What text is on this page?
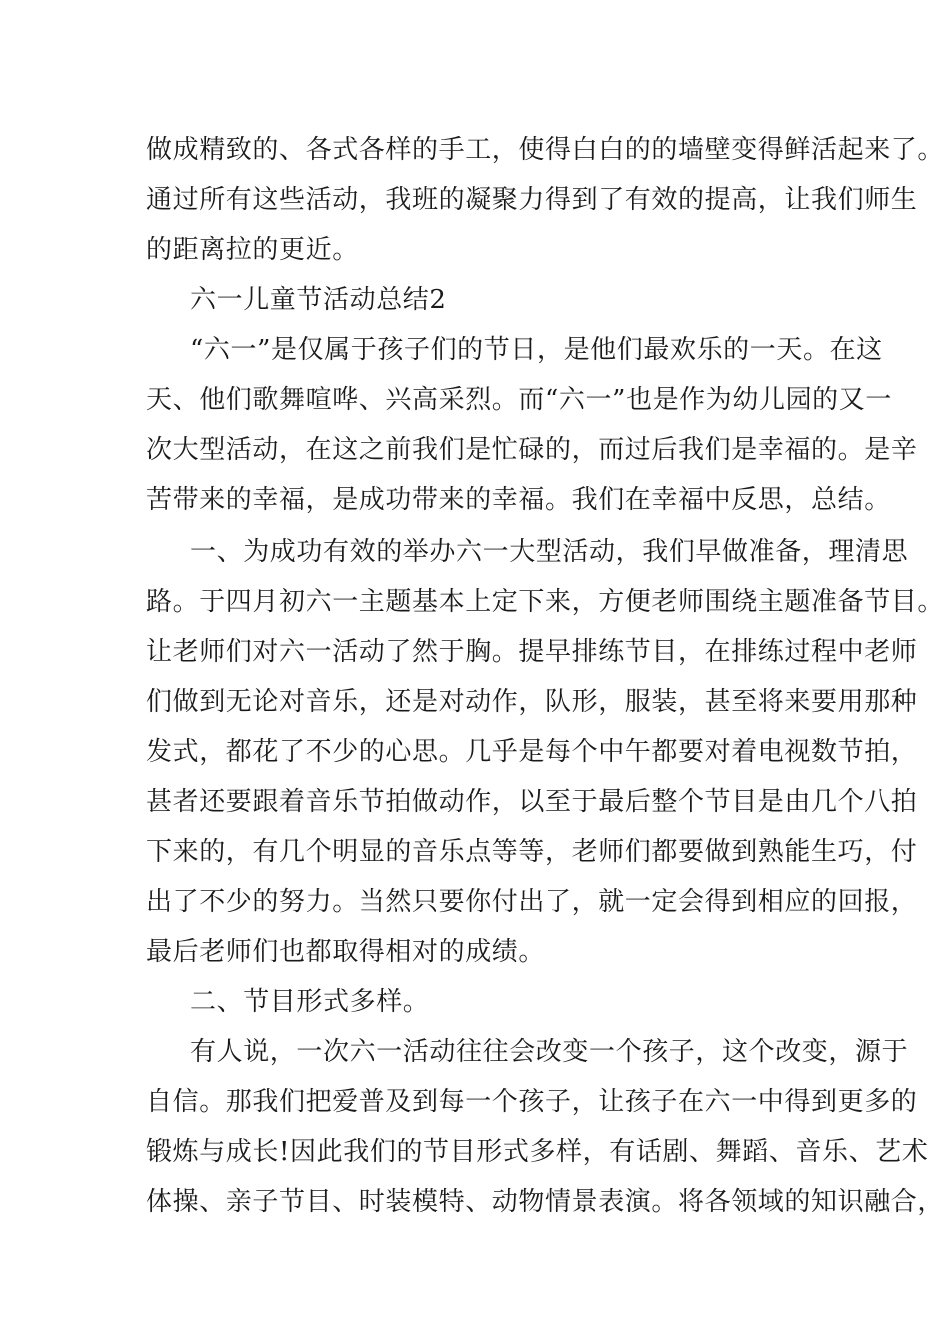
做成精致的、各式各样的手工，使得白白的的墙壁变得鲜活起来了。
通过所有这些活动，我班的凝聚力得到了有效的提高，让我们师生
的距离拉的更近。
六一儿童节活动总结2
“六一”是仅属于孩子们的节日，是他们最欢乐的一天。在这
天、他们歌舞喧哗、兴高采烈。而“六一”也是作为幼儿园的又一
次大型活动，在这之前我们是忙碌的，而过后我们是幸福的。是辛
苦带来的幸福，是成功带来的幸福。我们在幸福中反思，总结。
一、为成功有效的举办六一大型活动，我们早做准备，理清思
路。于四月初六一主题基本上定下来，方便老师围绕主题准备节目。
让老师们对六一活动了然于胸。提早排练节目，在排练过程中老师
们做到无论对音乐，还是对动作，队形，服装，甚至将来要用那种
发式，都花了不少的心思。几乎是每个中午都要对着电视数节拍，
甚者还要跟着音乐节拍做动作，以至于最后整个节目是由几个八拍
下来的，有几个明显的音乐点等等，老师们都要做到熟能生巧，付
出了不少的努力。当然只要你付出了，就一定会得到相应的回报，
最后老师们也都取得相对的成绩。
二、节目形式多样。
有人说，一次六一活动往往会改变一个孩子，这个改变，源于
自信。那我们把爱普及到每一个孩子，让孩子在六一中得到更多的
锻炼与成长!因此我们的节目形式多样，有话剧、舞蹈、音乐、艺术
体操、亲子节目、时装模特、动物情景表演。将各领域的知识融合，
